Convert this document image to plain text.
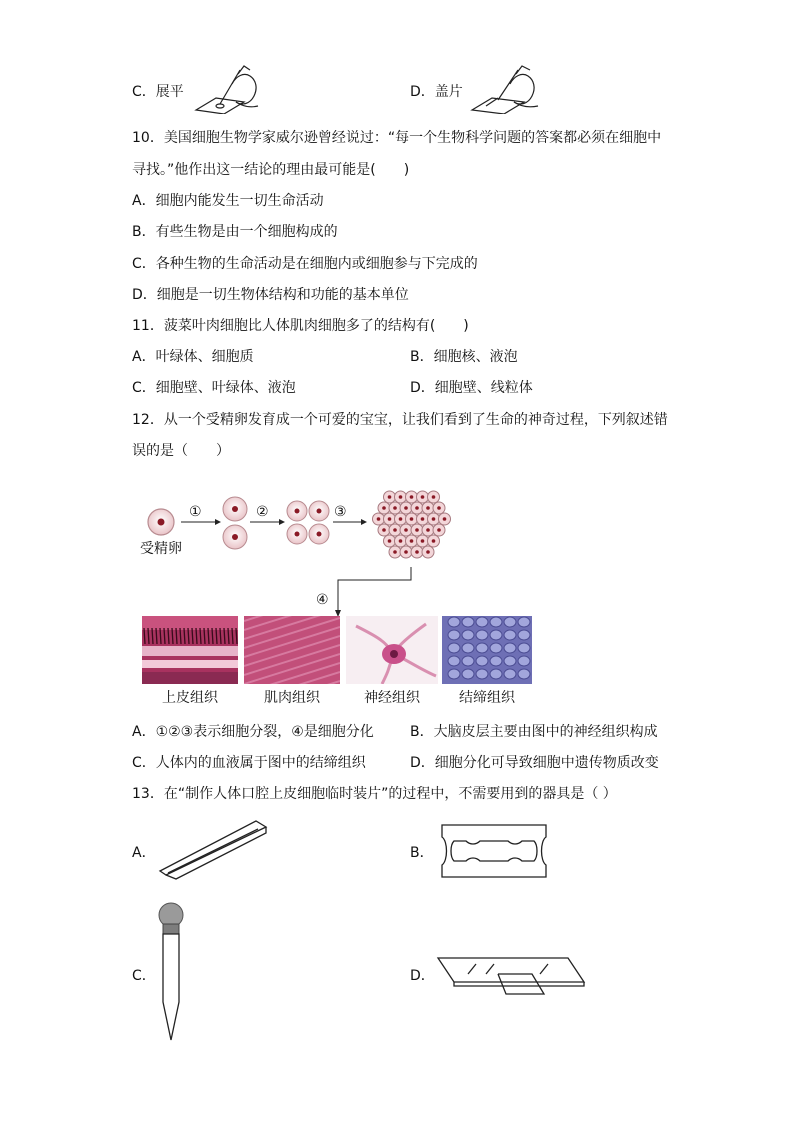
C．展平	D．盖片
10．美国细胞生物学家威尔逊曾经说过：“每一个生物科学问题的答案都必须在细胞中
寻找。”他作出这一结论的理由最可能是(　　)
A．细胞内能发生一切生命活动
B．有些生物是由一个细胞构成的
C．各种生物的生命活动是在细胞内或细胞参与下完成的
D．细胞是一切生物体结构和功能的基本单位
11．菠菜叶肉细胞比人体肌肉细胞多了的结构有(　　)
A．叶绿体、细胞质	B．细胞核、液泡
C．细胞壁、叶绿体、液泡	D．细胞壁、线粒体
12．从一个受精卵发育成一个可爱的宝宝，让我们看到了生命的神奇过程，下列叙述错
误的是（　　）
①	②	③
④
受精卵
上皮组织	肌肉组织	神经组织	结缔组织
A．①②③表示细胞分裂，④是细胞分化	B．大脑皮层主要由图中的神经组织构成
C．人体内的血液属于图中的结缔组织	D．细胞分化可导致细胞中遗传物质改变
13．在“制作人体口腔上皮细胞临时装片”的过程中，不需要用到的器具是（ ）
A．	B．
C．	D．
